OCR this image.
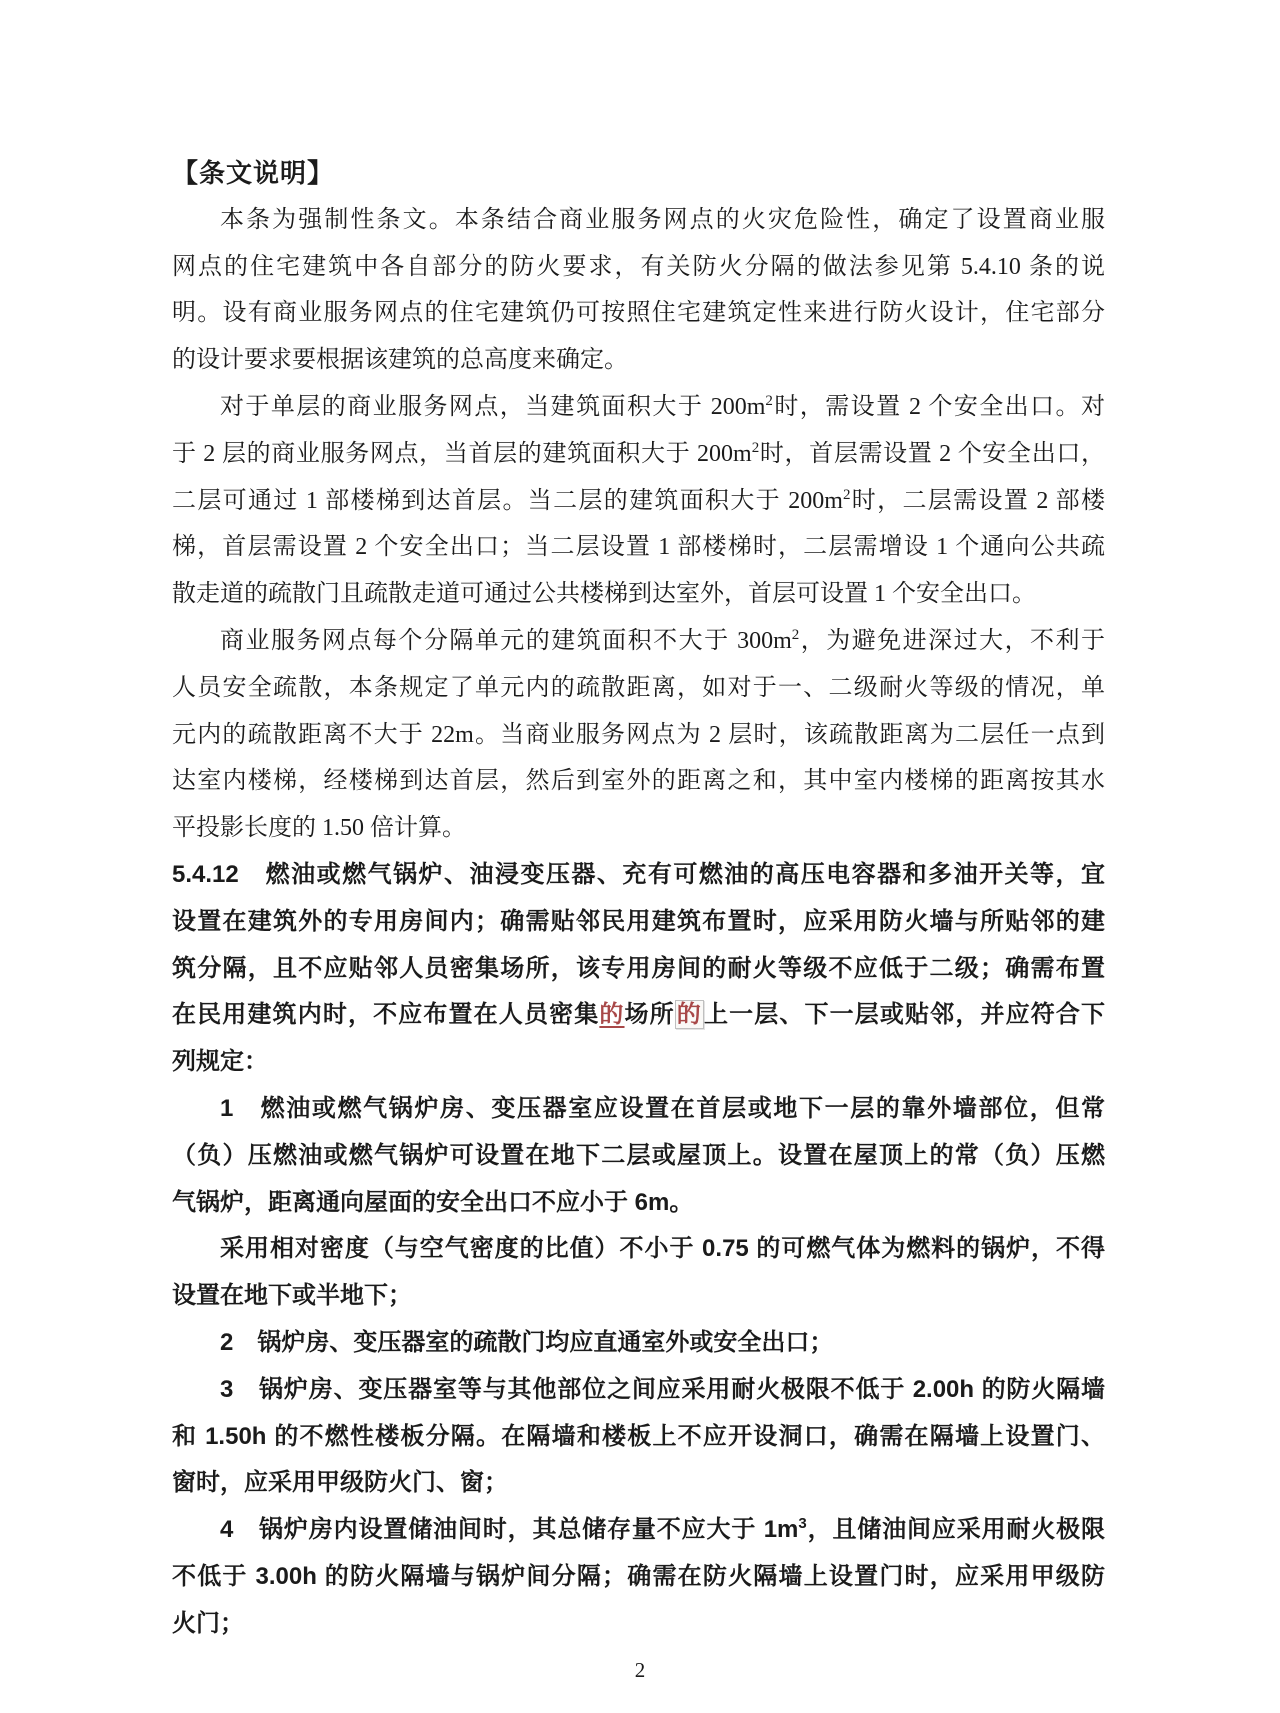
【条文说明】
本条为强制性条文。本条结合商业服务网点的火灾危险性，确定了设置商业服
网点的住宅建筑中各自部分的防火要求，有关防火分隔的做法参见第 5.4.10 条的说
明。设有商业服务网点的住宅建筑仍可按照住宅建筑定性来进行防火设计，住宅部分
的设计要求要根据该建筑的总高度来确定。
对于单层的商业服务网点，当建筑面积大于 $200m^2$时，需设置 2 个安全出口。对
于 2 层的商业服务网点，当首层的建筑面积大于 $200m^2$时，首层需设置 2 个安全出口，
二层可通过 1 部楼梯到达首层。当二层的建筑面积大于 $200m^2$时，二层需设置 2 部楼
梯，首层需设置 2 个安全出口；当二层设置 1 部楼梯时，二层需增设 1 个通向公共疏
散走道的疏散门且疏散走道可通过公共楼梯到达室外，首层可设置 1 个安全出口。
商业服务网点每个分隔单元的建筑面积不大于 $300m^2$，为避免进深过大，不利于
人员安全疏散，本条规定了单元内的疏散距离，如对于一、二级耐火等级的情况，单
元内的疏散距离不大于 22m。当商业服务网点为 2 层时，该疏散距离为二层任一点到
达室内楼梯，经楼梯到达首层，然后到室外的距离之和，其中室内楼梯的距离按其水
平投影长度的 1.50 倍计算。
5.4.12　燃油或燃气锅炉、油浸变压器、充有可燃油的高压电容器和多油开关等，宜
设置在建筑外的专用房间内；确需贴邻民用建筑布置时，应采用防火墙与所贴邻的建
筑分隔，且不应贴邻人员密集场所，该专用房间的耐火等级不应低于二级；确需布置
在民用建筑内时，不应布置在人员密集的场所的上一层、下一层或贴邻，并应符合下
列规定：
1　燃油或燃气锅炉房、变压器室应设置在首层或地下一层的靠外墙部位，但常
（负）压燃油或燃气锅炉可设置在地下二层或屋顶上。设置在屋顶上的常（负）压燃
气锅炉，距离通向屋面的安全出口不应小于 6m。
采用相对密度（与空气密度的比值）不小于 0.75 的可燃气体为燃料的锅炉，不得
设置在地下或半地下；
2　锅炉房、变压器室的疏散门均应直通室外或安全出口；
3　锅炉房、变压器室等与其他部位之间应采用耐火极限不低于 2.00h 的防火隔墙
和 1.50h 的不燃性楼板分隔。在隔墙和楼板上不应开设洞口，确需在隔墙上设置门、
窗时，应采用甲级防火门、窗；
4　锅炉房内设置储油间时，其总储存量不应大于 $1m^3$，且储油间应采用耐火极限
不低于 3.00h 的防火隔墙与锅炉间分隔；确需在防火隔墙上设置门时，应采用甲级防
火门；
2
